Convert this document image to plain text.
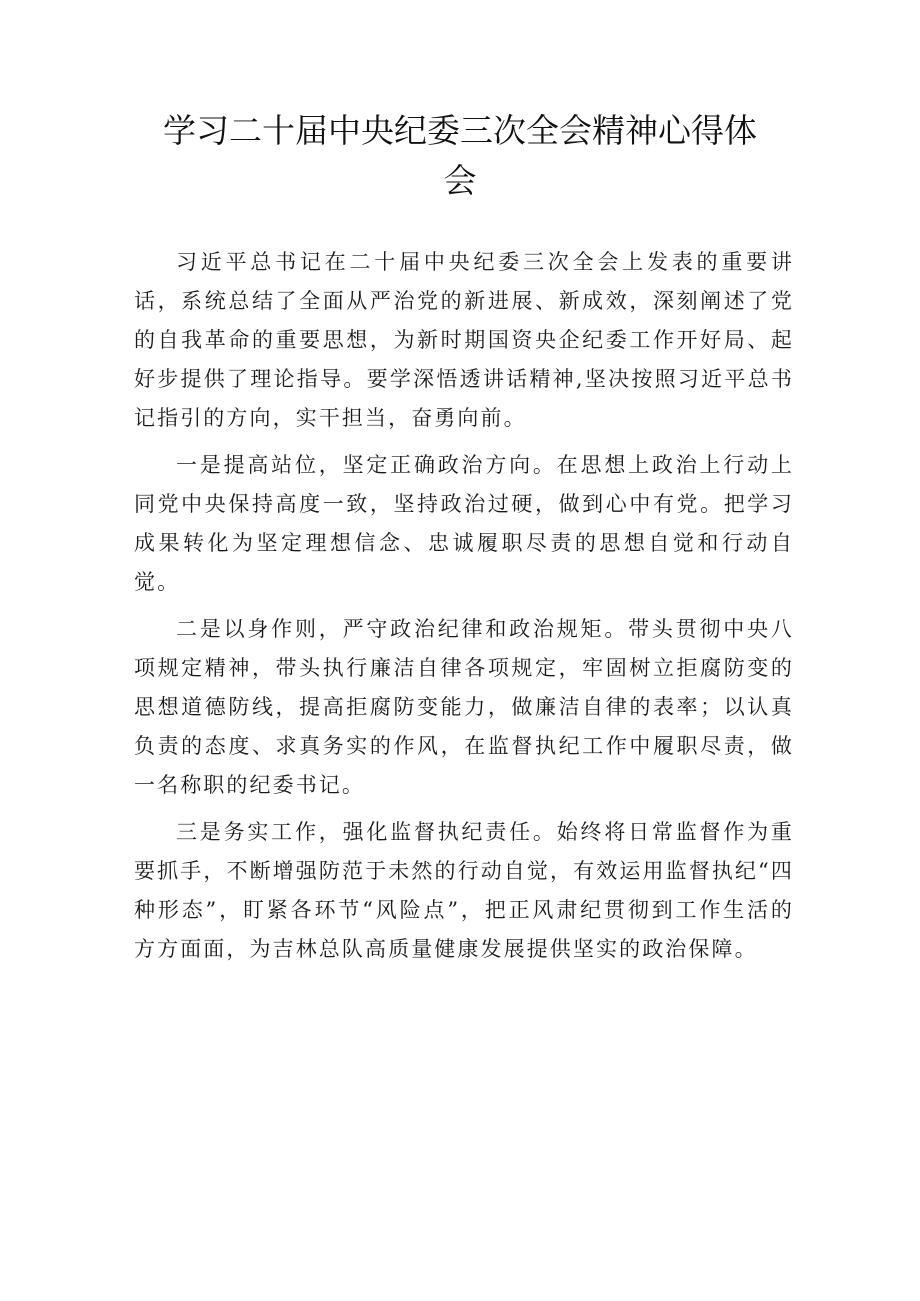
学习二十届中央纪委三次全会精神心得体
会

习近平总书记在二十届中央纪委三次全会上发表的重要讲话，系统总结了全面从严治党的新进展、新成效，深刻阐述了党的自我革命的重要思想，为新时期国资央企纪委工作开好局、起好步提供了理论指导。要学深悟透讲话精神,坚决按照习近平总书记指引的方向，实干担当，奋勇向前。

一是提高站位，坚定正确政治方向。在思想上政治上行动上同党中央保持高度一致，坚持政治过硬，做到心中有党。把学习成果转化为坚定理想信念、忠诚履职尽责的思想自觉和行动自觉。

二是以身作则，严守政治纪律和政治规矩。带头贯彻中央八项规定精神，带头执行廉洁自律各项规定，牢固树立拒腐防变的思想道德防线，提高拒腐防变能力，做廉洁自律的表率；以认真负责的态度、求真务实的作风，在监督执纪工作中履职尽责，做一名称职的纪委书记。

三是务实工作，强化监督执纪责任。始终将日常监督作为重要抓手，不断增强防范于未然的行动自觉，有效运用监督执纪“四种形态”，盯紧各环节“风险点”，把正风肃纪贯彻到工作生活的方方面面，为吉林总队高质量健康发展提供坚实的政治保障。
